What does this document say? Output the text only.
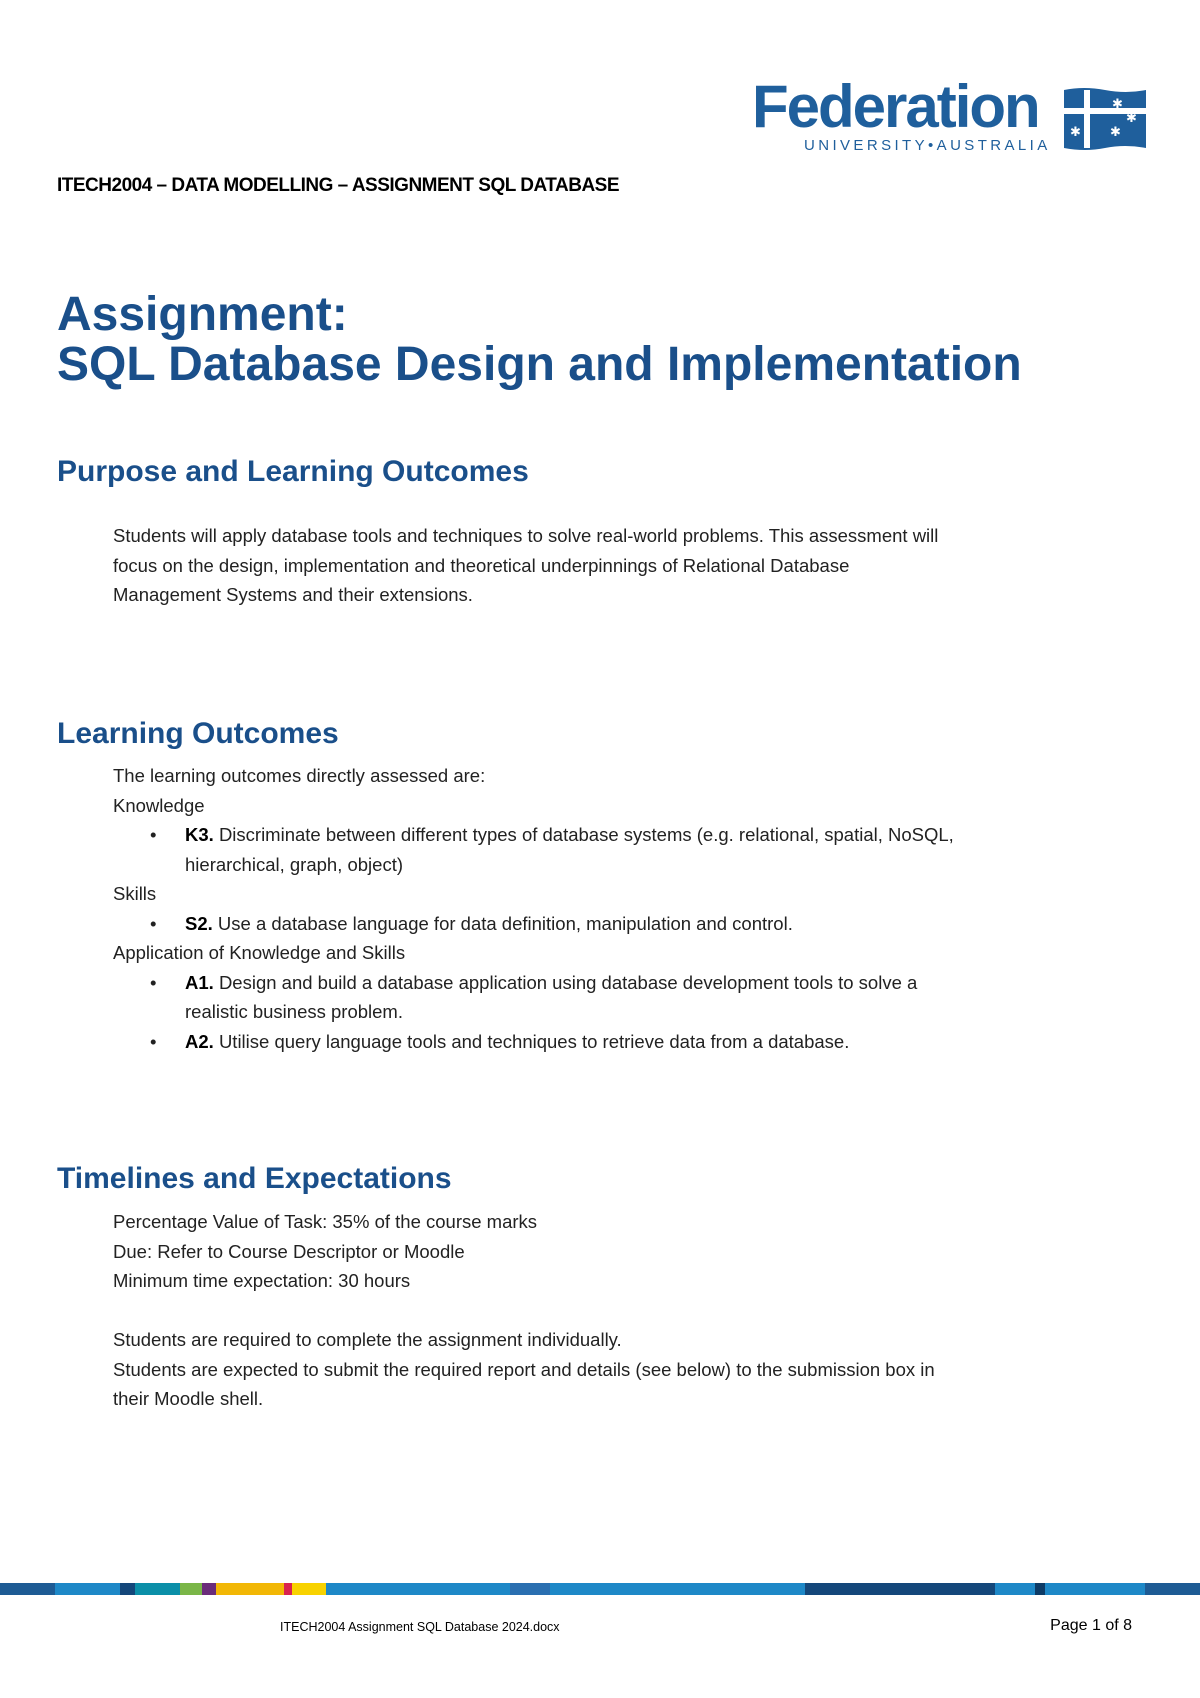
Federation
UNIVERSITY•AUSTRALIA
✱
✱
✱
✱
ITECH2004 – DATA MODELLING – ASSIGNMENT SQL DATABASE
Assignment:
SQL Database Design and Implementation
Purpose and Learning Outcomes
Students will apply database tools and techniques to solve real-world problems. This assessment will
focus on the design, implementation and theoretical underpinnings of Relational Database
Management Systems and their extensions.
Learning Outcomes
The learning outcomes directly assessed are:
Knowledge
• K3. Discriminate between different types of database systems (e.g. relational, spatial, NoSQL,
hierarchical, graph, object)
Skills
• S2. Use a database language for data definition, manipulation and control.
Application of Knowledge and Skills
• A1. Design and build a database application using database development tools to solve a
realistic business problem.
• A2. Utilise query language tools and techniques to retrieve data from a database.
Timelines and Expectations
Percentage Value of Task: 35% of the course marks
Due: Refer to Course Descriptor or Moodle
Minimum time expectation: 30 hours
Students are required to complete the assignment individually.
Students are expected to submit the required report and details (see below) to the submission box in
their Moodle shell.
ITECH2004 Assignment SQL Database 2024.docx	Page 1 of 8
